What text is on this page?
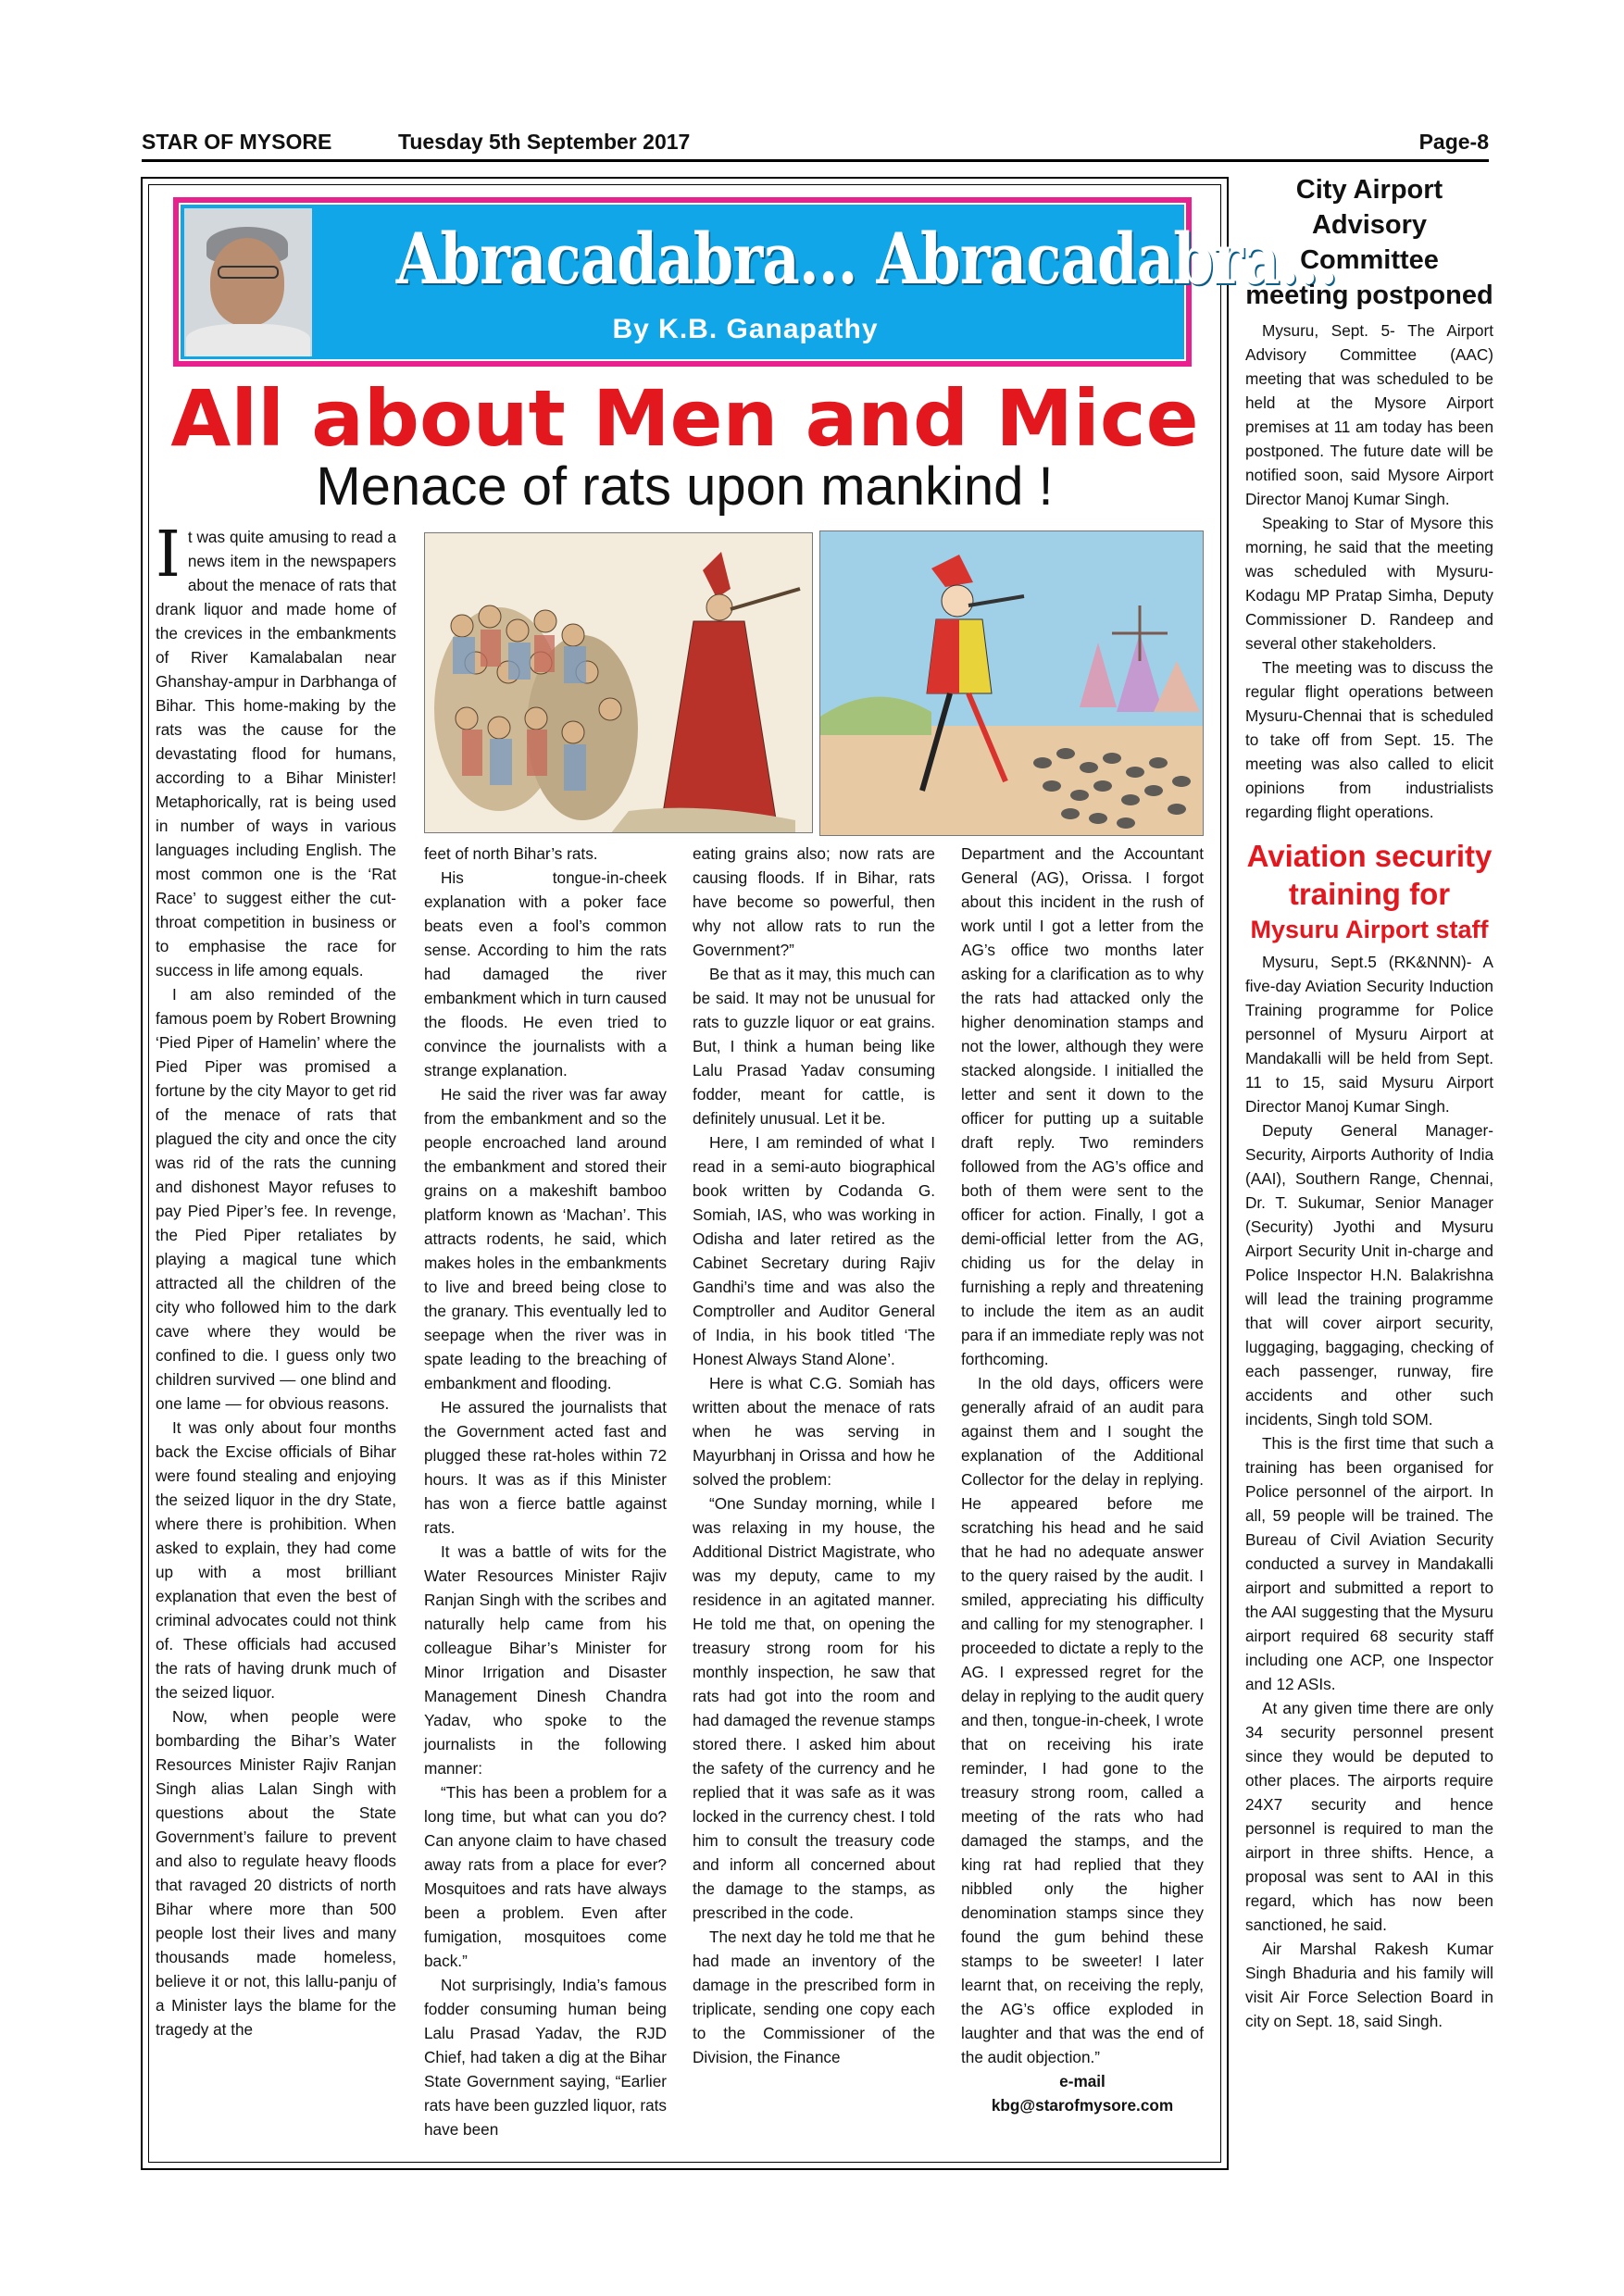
STAR OF MYSORE	Tuesday 5th September 2017	Page-8
Abracadabra... Abracadabra...
By K.B. Ganapathy
All about Men and Mice
Menace of rats upon mankind !

It was quite amusing to read a news item in the newspapers about the menace of rats that drank liquor and made home of the crevices in the embankments of River Kamalabalan near Ghanshay-ampur in Darbhanga of Bihar. This home-making by the rats was the cause for the devastating flood for humans, according to a Bihar Minister! Metaphorically, rat is being used in number of ways in various languages including English. The most common one is the ‘Rat Race’ to suggest either the cut-throat competition in business or to emphasise the race for success in life among equals.

I am also reminded of the famous poem by Robert Browning ‘Pied Piper of Hamelin’ where the Pied Piper was promised a fortune by the city Mayor to get rid of the menace of rats that plagued the city and once the city was rid of the rats the cunning and dishonest Mayor refuses to pay Pied Piper’s fee. In revenge, the Pied Piper retaliates by playing a magical tune which attracted all the children of the city who followed him to the dark cave where they would be confined to die. I guess only two children survived — one blind and one lame — for obvious reasons.

It was only about four months back the Excise officials of Bihar were found stealing and enjoying the seized liquor in the dry State, where there is prohibition. When asked to explain, they had come up with a most brilliant explanation that even the best of criminal advocates could not think of. These officials had accused the rats of having drunk much of the seized liquor.

Now, when people were bombarding the Bihar’s Water Resources Minister Rajiv Ranjan Singh alias Lalan Singh with questions about the State Government’s failure to prevent and also to regulate heavy floods that ravaged 20 districts of north Bihar where more than 500 people lost their lives and many thousands made homeless, believe it or not, this lallu-panju of a Minister lays the blame for the tragedy at the

feet of north Bihar’s rats.

His tongue-in-cheek explanation with a poker face beats even a fool’s common sense. According to him the rats had damaged the river embankment which in turn caused the floods. He even tried to convince the journalists with a strange explanation.

He said the river was far away from the embankment and so the people encroached land around the embankment and stored their grains on a makeshift bamboo platform known as ‘Machan’. This attracts rodents, he said, which makes holes in the embankments to live and breed being close to the granary. This eventually led to seepage when the river was in spate leading to the breaching of embankment and flooding.

He assured the journalists that the Government acted fast and plugged these rat-holes within 72 hours. It was as if this Minister has won a fierce battle against rats.

It was a battle of wits for the Water Resources Minister Rajiv Ranjan Singh with the scribes and naturally help came from his colleague Bihar’s Minister for Minor Irrigation and Disaster Management Dinesh Chandra Yadav, who spoke to the journalists in the following manner:

“This has been a problem for a long time, but what can you do? Can anyone claim to have chased away rats from a place for ever? Mosquitoes and rats have always been a problem. Even after fumigation, mosquitoes come back.”

Not surprisingly, India’s famous fodder consuming human being Lalu Prasad Yadav, the RJD Chief, had taken a dig at the Bihar State Government saying, “Earlier rats have been guzzled liquor, rats have been

eating grains also; now rats are causing floods. If in Bihar, rats have become so powerful, then why not allow rats to run the Government?”

Be that as it may, this much can be said. It may not be unusual for rats to guzzle liquor or eat grains. But, I think a human being like Lalu Prasad Yadav consuming fodder, meant for cattle, is definitely unusual. Let it be.

Here, I am reminded of what I read in a semi-auto biographical book written by Codanda G. Somiah, IAS, who was working in Odisha and later retired as the Cabinet Secretary during Rajiv Gandhi’s time and was also the Comptroller and Auditor General of India, in his book titled ‘The Honest Always Stand Alone’.

Here is what C.G. Somiah has written about the menace of rats when he was serving in Mayurbhanj in Orissa and how he solved the problem:

“One Sunday morning, while I was relaxing in my house, the Additional District Magistrate, who was my deputy, came to my residence in an agitated manner. He told me that, on opening the treasury strong room for his monthly inspection, he saw that rats had got into the room and had damaged the revenue stamps stored there. I asked him about the safety of the currency and he replied that it was safe as it was locked in the currency chest. I told him to consult the treasury code and inform all concerned about the damage to the stamps, as prescribed in the code.

The next day he told me that he had made an inventory of the damage in the prescribed form in triplicate, sending one copy each to the Commissioner of the Division, the Finance

Department and the Accountant General (AG), Orissa. I forgot about this incident in the rush of work until I got a letter from the AG’s office two months later asking for a clarification as to why the rats had attacked only the higher denomination stamps and not the lower, although they were stacked alongside. I initialled the letter and sent it down to the officer for putting up a suitable draft reply. Two reminders followed from the AG’s office and both of them were sent to the officer for action. Finally, I got a demi-official letter from the AG, chiding us for the delay in furnishing a reply and threatening to include the item as an audit para if an immediate reply was not forthcoming.

In the old days, officers were generally afraid of an audit para against them and I sought the explanation of the Additional Collector for the delay in replying. He appeared before me scratching his head and he said that he had no adequate answer to the query raised by the audit. I smiled, appreciating his difficulty and calling for my stenographer. I proceeded to dictate a reply to the AG. I expressed regret for the delay in replying to the audit query and then, tongue-in-cheek, I wrote that on receiving his irate reminder, I had gone to the treasury strong room, called a meeting of the rats who had damaged the stamps, and the king rat had replied that they nibbled only the higher denomination stamps since they found the gum behind these stamps to be sweeter! I later learnt that, on receiving the reply, the AG’s office exploded in laughter and that was the end of the audit objection.”

e-mail

kbg@starofmysore.com

City Airport Advisory Committee meeting postponed

Mysuru, Sept. 5- The Airport Advisory Committee (AAC) meeting that was scheduled to be held at the Mysore Airport premises at 11 am today has been postponed. The future date will be notified soon, said Mysore Airport Director Manoj Kumar Singh.

Speaking to Star of Mysore this morning, he said that the meeting was scheduled with Mysuru-Kodagu MP Pratap Simha, Deputy Commissioner D. Randeep and several other stakeholders.

The meeting was to discuss the regular flight operations between Mysuru-Chennai that is scheduled to take off from Sept. 15. The meeting was also called to elicit opinions from industrialists regarding flight operations.

Aviation security training for
Mysuru Airport staff

Mysuru, Sept.5 (RK&NNN)- A five-day Aviation Security Induction Training programme for Police personnel of Mysuru Airport at Mandakalli will be held from Sept. 11 to 15, said Mysuru Airport Director Manoj Kumar Singh.

Deputy General Manager-Security, Airports Authority of India (AAI), Southern Range, Chennai, Dr. T. Sukumar, Senior Manager (Security) Jyothi and Mysuru Airport Security Unit in-charge and Police Inspector H.N. Balakrishna will lead the training programme that will cover airport security, luggaging, baggaging, checking of each passenger, runway, fire accidents and other such incidents, Singh told SOM.

This is the first time that such a training has been organised for Police personnel of the airport. In all, 59 people will be trained. The Bureau of Civil Aviation Security conducted a survey in Mandakalli airport and submitted a report to the AAI suggesting that the Mysuru airport required 68 security staff including one ACP, one Inspector and 12 ASIs.

At any given time there are only 34 security personnel present since they would be deputed to other places. The airports require 24X7 security and hence personnel is required to man the airport in three shifts. Hence, a proposal was sent to AAI in this regard, which has now been sanctioned, he said.

Air Marshal Rakesh Kumar Singh Bhaduria and his family will visit Air Force Selection Board in city on Sept. 18, said Singh.
